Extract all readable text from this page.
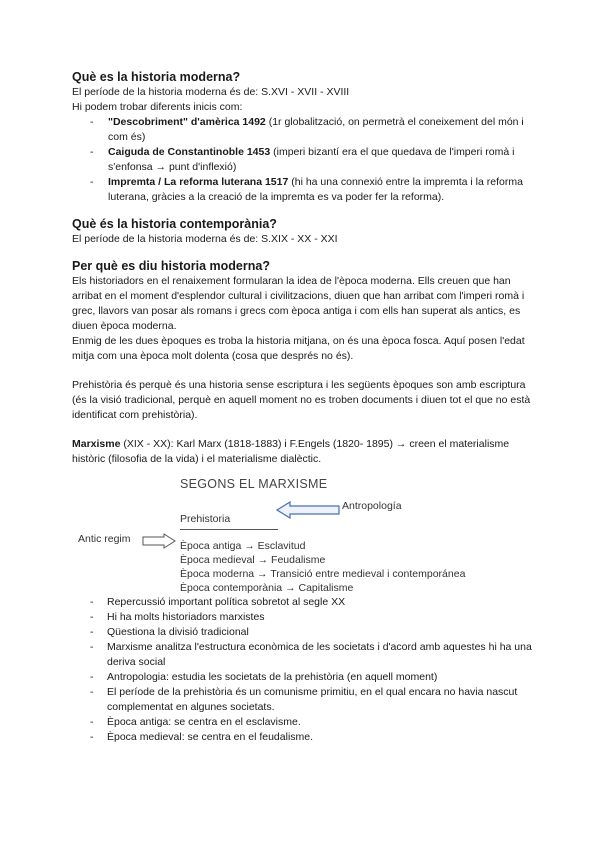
Què es la historia moderna?

El període de la historia moderna és de: S.XVI - XVII - XVIII

Hi podem trobar diferents inicis com:

- "Descobriment" d'amèrica 1492 (1r globalització, on permetrà el coneixement del món i com és)
- Caiguda de Constantinoble 1453 (imperi bizantí era el que quedava de l'imperi romà i s'enfonsa → punt d'inflexió)
- Impremta / La reforma luterana 1517 (hi ha una connexió entre la impremta i la reforma luterana, gràcies a la creació de la impremta es va poder fer la reforma).
Què és la historia contemporània?

El període de la historia moderna és de: S.XIX - XX - XXI

Per què es diu historia moderna?

Els historiadors en el renaixement formularan la idea de l'època moderna. Ells creuen que han arribat en el moment d'esplendor cultural i civilitzacions, diuen que han arribat com l'imperi romà i grec, llavors van posar als romans i grecs com època antiga i com ells han superat als antics, es diuen època moderna.

Enmig de les dues èpoques es troba la historia mitjana, on és una època fosca. Aquí posen l'edat mitja com una època molt dolenta (cosa que després no és).

Prehistòria és perquè és una historia sense escriptura i les següents èpoques son amb escriptura (és la visió tradicional, perquè en aquell moment no es troben documents i diuen tot el que no està identificat com prehistòria).

Marxisme (XIX - XX): Karl Marx (1818-1883) i F.Engels (1820- 1895) → creen el materialisme històric (filosofia de la vida) i el materialisme dialèctic.

SEGONS EL MARXISME
Antropología
Prehistoria
Antic regim
Època antiga → Esclavitud
Època medieval → Feudalisme
Època moderna → Transició entre medieval i contemporánea
Època contemporània → Capitalisme
- Repercussió important política sobretot al segle XX
- Hi ha molts historiadors marxistes
- Qüestiona la divisió tradicional
- Marxisme analitza l'estructura econòmica de les societats i d'acord amb aquestes hi ha una deriva social
- Antropologia: estudia les societats de la prehistòria (en aquell moment)
- El període de la prehistòria és un comunisme primitiu, en el qual encara no havia nascut complementat en algunes societats.
- Època antiga: se centra en el esclavisme.
- Època medieval: se centra en el feudalisme.
